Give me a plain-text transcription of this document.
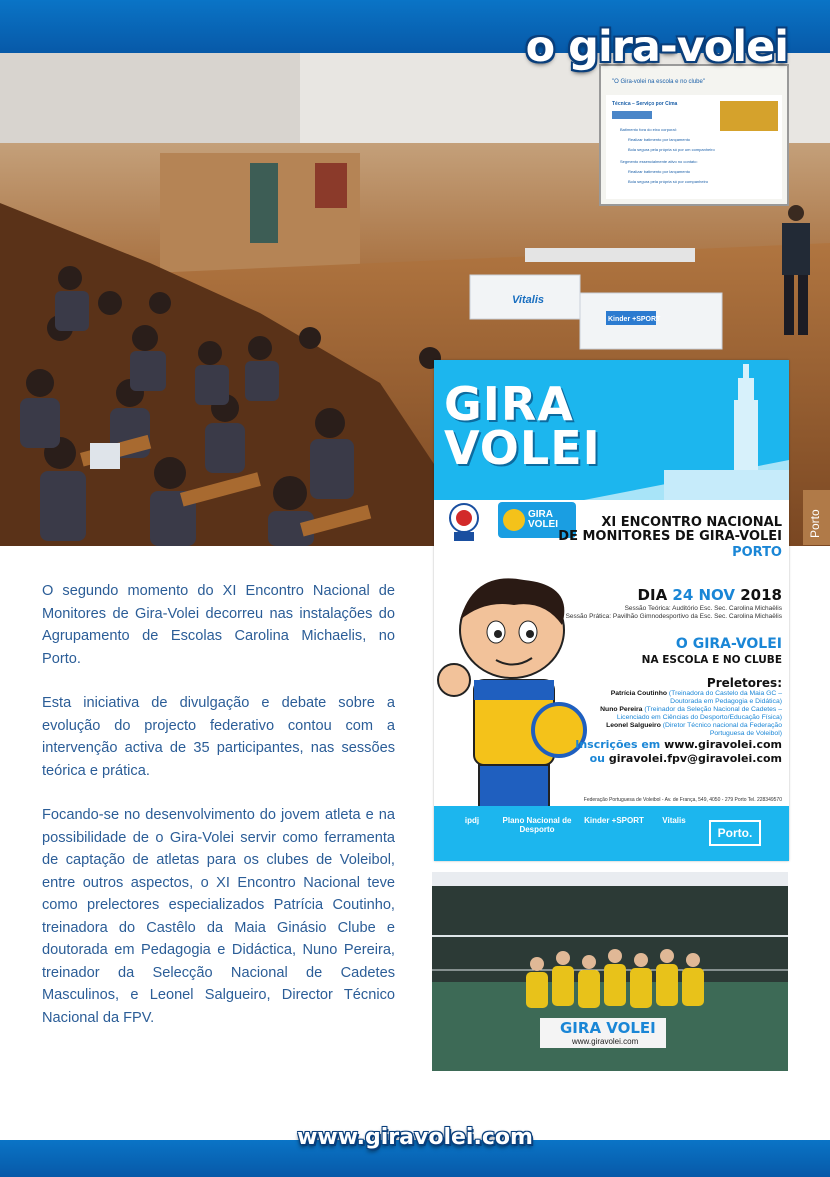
o gira-volei
"O Gira-volei na escola e no clube"
Técnica – Serviço por Cima
Batimento fora do eixo corporal:
Realizar batimento por lançamento
Bola segura pela própria só por um companheiro
Segmento essencialmente ativo no contato:
Realizar batimento por lançamento
Bola segura pela própria só por companheiro
Vitalis
Kinder +SPORT
Porto

O segundo momento do XI Encontro Nacional de Monitores de Gira-Volei decorreu nas instalações do Agrupamento de Escolas Carolina Michaelis, no Porto.

Esta iniciativa de divulgação e debate sobre a evolução do projecto federativo contou com a intervenção activa de 35 participantes, nas sessões teórica e prática.

Focando-se no desenvolvimento do jovem atleta e na possibilidade de o Gira-Volei servir como ferramenta de captação de atletas para os clubes de Voleibol, entre outros aspectos, o XI Encontro Nacional teve como prelectores especializados Patrícia Coutinho, treinadora do Castêlo da Maia Ginásio Clube e doutorada em Pedagogia e Didáctica, Nuno Pereira, treinador da Selecção Nacional de Cadetes Masculinos, e Leonel Salgueiro, Director Técnico Nacional da FPV.

GIRA
VOLEI
GIRA VOLEI	XI ENCONTRO NACIONAL
DE MONITORES DE GIRA-VOLEI
PORTO
DIA 24 NOV 2018
Sessão Teórica: Auditório Esc. Sec. Carolina Michaëlis
Sessão Prática: Pavilhão Gimnodesportivo da Esc. Sec. Carolina Michaëlis
O GIRA-VOLEI
NA ESCOLA E NO CLUBE
Preletores:
Patrícia Coutinho (Treinadora do Castelo da Maia GC – Doutorada em Pedagogia e Didática)
Nuno Pereira (Treinador da Seleção Nacional de Cadetes – Licenciado em Ciências do Desporto/Educação Física)
Leonel Salgueiro (Diretor Técnico nacional da Federação Portuguesa de Voleibol)
Inscrições em www.giravolei.com
ou giravolei.fpv@giravolei.com
Federação Portuguesa de Voleibol - Av. de França, 549, 4050 - 279 Porto Tel. 228349570
ipdj	Plano Nacional de Desporto
Kinder +SPORT	Vitalis
Porto.
GIRA VOLEI
www.giravolei.com
www.giravolei.com
